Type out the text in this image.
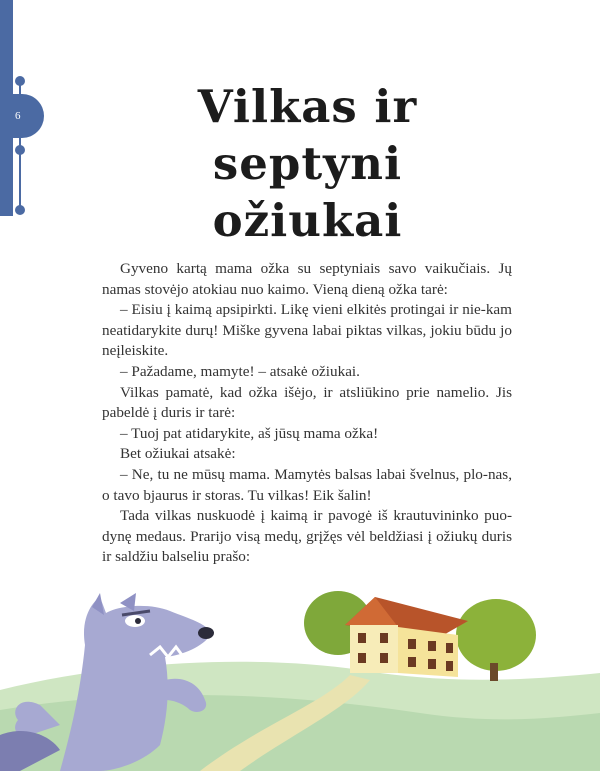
6	Vilkas ir septyni
ožiukai

Gyveno kartą mama ožka su septyniais savo vaikučiais. Jų namas stovėjo atokiau nuo kaimo. Vieną dieną ožka tarė:

– Eisiu į kaimą apsipirkti. Likę vieni elkitės protingai ir nie-kam neatidarykite durų! Miške gyvena labai piktas vilkas, jokiu būdu jo neįleiskite.

– Pažadame, mamyte! – atsakė ožiukai.

Vilkas pamatė, kad ožka išėjo, ir atsliūkino prie namelio. Jis pabeldė į duris ir tarė:

– Tuoj pat atidarykite, aš jūsų mama ožka!

Bet ožiukai atsakė:

– Ne, tu ne mūsų mama. Mamytės balsas labai švelnus, plo-nas, o tavo bjaurus ir storas. Tu vilkas! Eik šalin!

Tada vilkas nuskuodė į kaimą ir pavogė iš krautuvininko puo-dynę medaus. Prarijo visą medų, grįžęs vėl beldžiasi į ožiukų duris ir saldžiu balseliu prašo:
